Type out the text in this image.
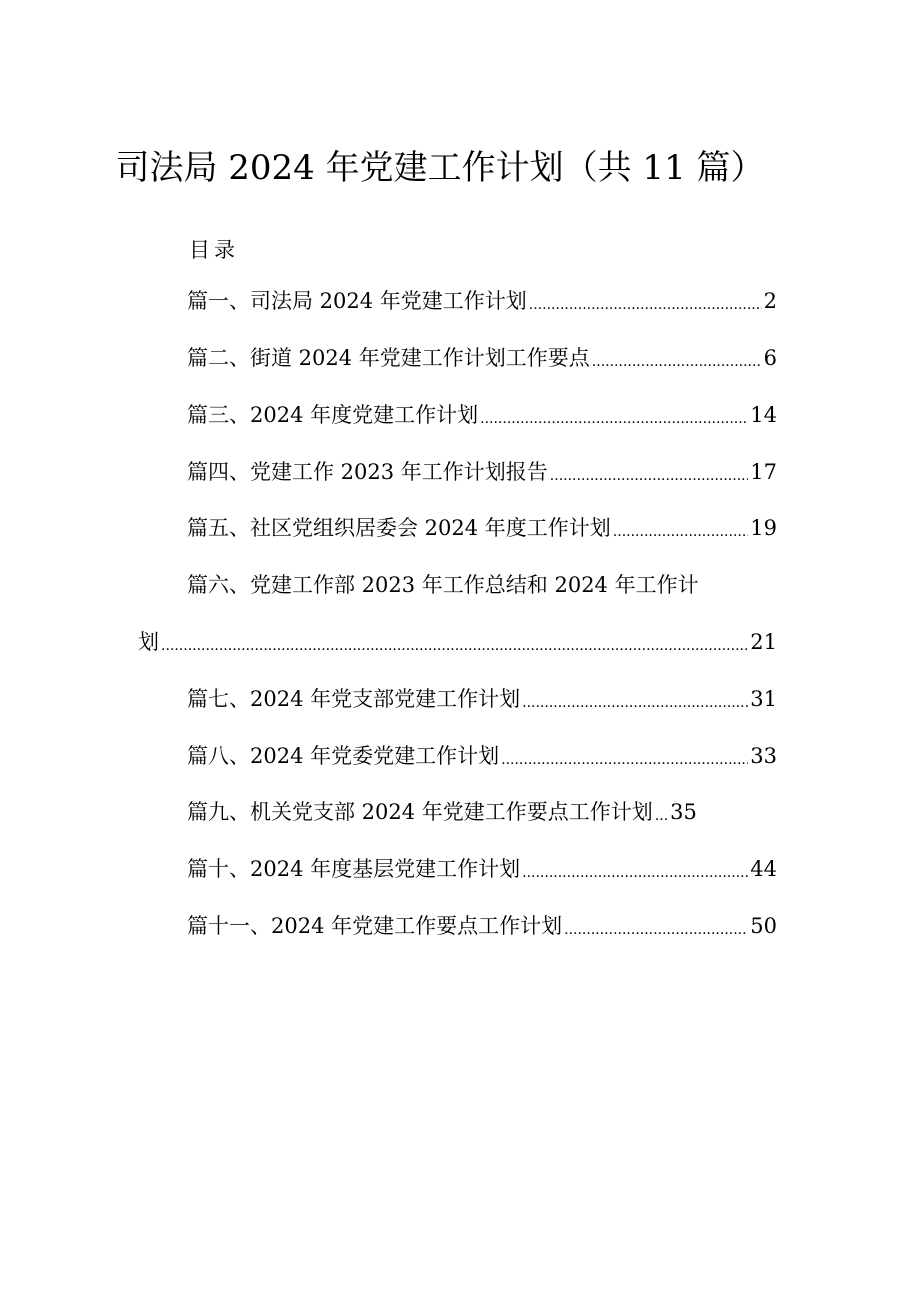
司法局 2024 年党建工作计划（共 11 篇）
目录
篇一、司法局 2024 年党建工作计划 .....	2
篇二、街道 2024 年党建工作计划工作要点 .....	6
篇三、2024 年度党建工作计划 .....	14
篇四、党建工作 2023 年工作计划报告 .....	17
篇五、社区党组织居委会 2024 年度工作计划 .....	19
篇六、党建工作部 2023 年工作总结和 2024 年工作计
划 .....	21
篇七、2024 年党支部党建工作计划 .....	31
篇八、2024 年党委党建工作计划 .....	33
篇九、机关党支部 2024 年党建工作要点工作计划 ... 35
篇十、2024 年度基层党建工作计划 .....	44
篇十一、2024 年党建工作要点工作计划 .....	50
